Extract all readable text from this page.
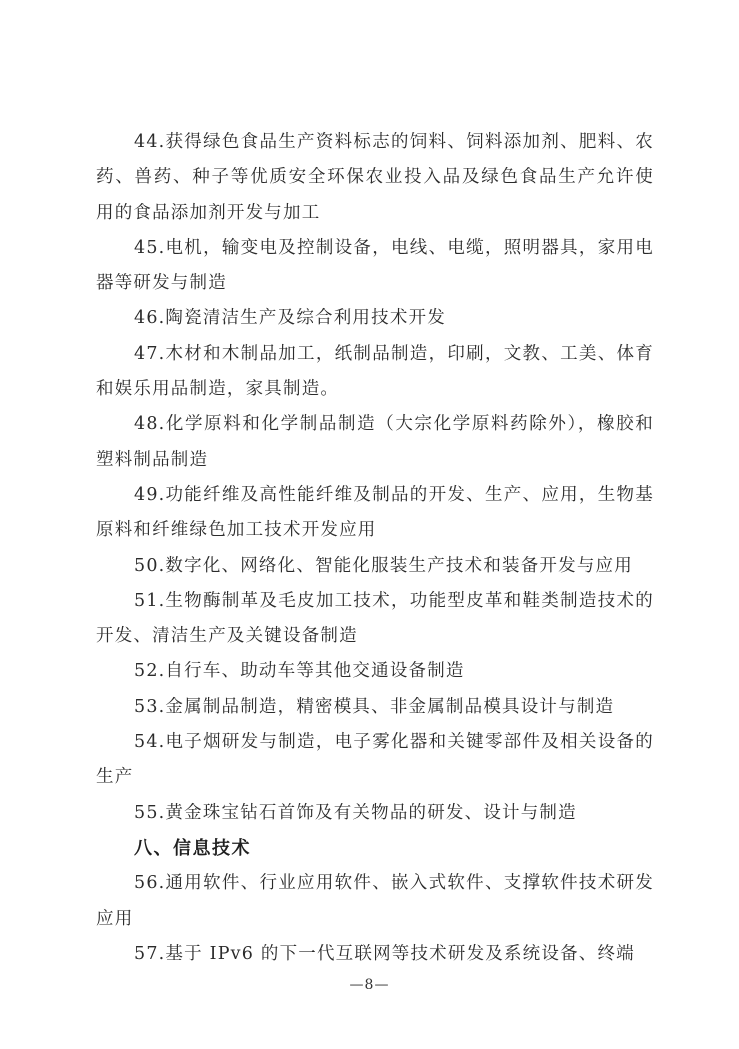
44.获得绿色食品生产资料标志的饲料、饲料添加剂、肥料、农药、兽药、种子等优质安全环保农业投入品及绿色食品生产允许使用的食品添加剂开发与加工

45.电机，输变电及控制设备，电线、电缆，照明器具，家用电器等研发与制造

46.陶瓷清洁生产及综合利用技术开发

47.木材和木制品加工，纸制品制造，印刷，文教、工美、体育和娱乐用品制造，家具制造。

48.化学原料和化学制品制造（大宗化学原料药除外），橡胶和塑料制品制造

49.功能纤维及高性能纤维及制品的开发、生产、应用，生物基原料和纤维绿色加工技术开发应用

50.数字化、网络化、智能化服装生产技术和装备开发与应用

51.生物酶制革及毛皮加工技术，功能型皮革和鞋类制造技术的开发、清洁生产及关键设备制造

52.自行车、助动车等其他交通设备制造

53.金属制品制造，精密模具、非金属制品模具设计与制造

54.电子烟研发与制造，电子雾化器和关键零部件及相关设备的生产

55.黄金珠宝钻石首饰及有关物品的研发、设计与制造

八、信息技术

56.通用软件、行业应用软件、嵌入式软件、支撑软件技术研发应用

57.基于 IPv6 的下一代互联网等技术研发及系统设备、终端

—8—
